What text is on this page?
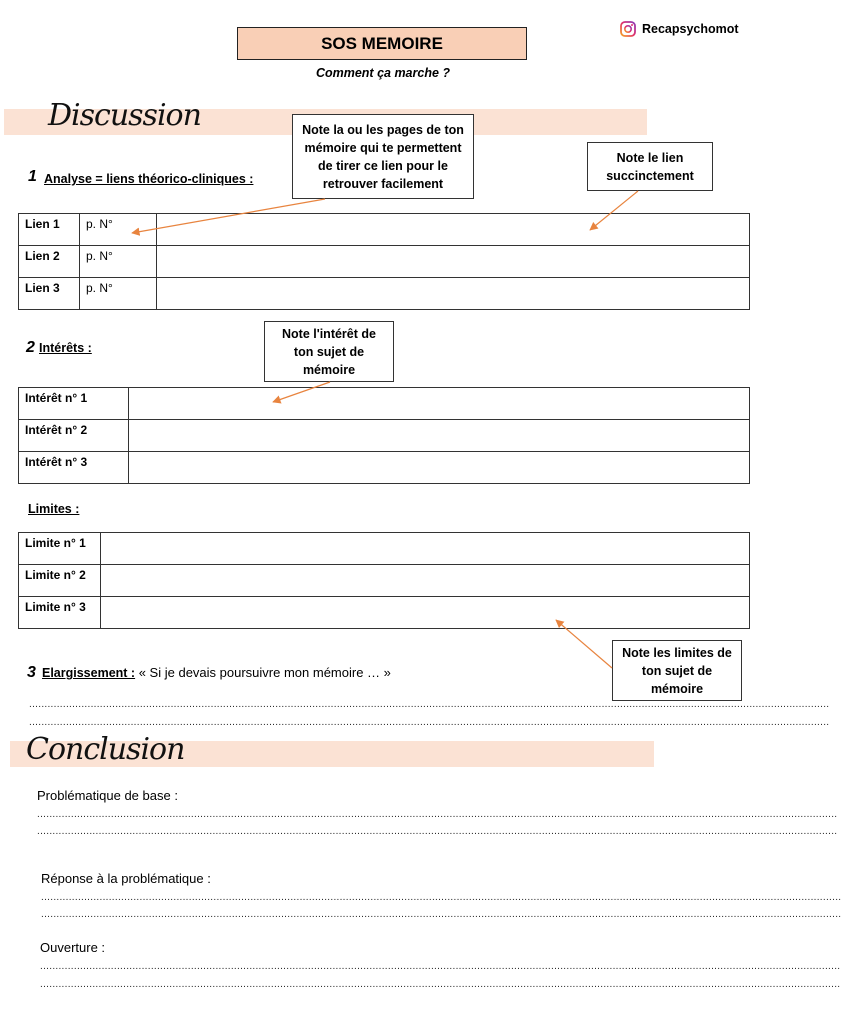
SOS MEMOIRE
Comment ça marche ?
Recapsychomot
Discussion
1 Analyse = liens théorico-cliniques :
Note la ou les pages de ton mémoire qui te permettent de tirer ce lien pour le retrouver facilement
Note le lien succinctement
Lien 1	p. N°	
Lien 2	p. N°	
Lien 3	p. N°	
2 Intérêts :
Note l'intérêt de ton sujet de mémoire
Intérêt n° 1	
Intérêt n° 2	
Intérêt n° 3	
Limites :
Limite n° 1	
Limite n° 2	
Limite n° 3	
Note les limites de ton sujet de mémoire
3 Elargissement : « Si je devais poursuivre mon mémoire … »
....................................................................................................................................................................................................................................................................
....................................................................................................................................................................................................................................................................
Conclusion
Problématique de base :
....................................................................................................................................................................................................................................................................
....................................................................................................................................................................................................................................................................
Réponse à la problématique :
....................................................................................................................................................................................................................................................................
....................................................................................................................................................................................................................................................................
Ouverture :
....................................................................................................................................................................................................................................................................
....................................................................................................................................................................................................................................................................
